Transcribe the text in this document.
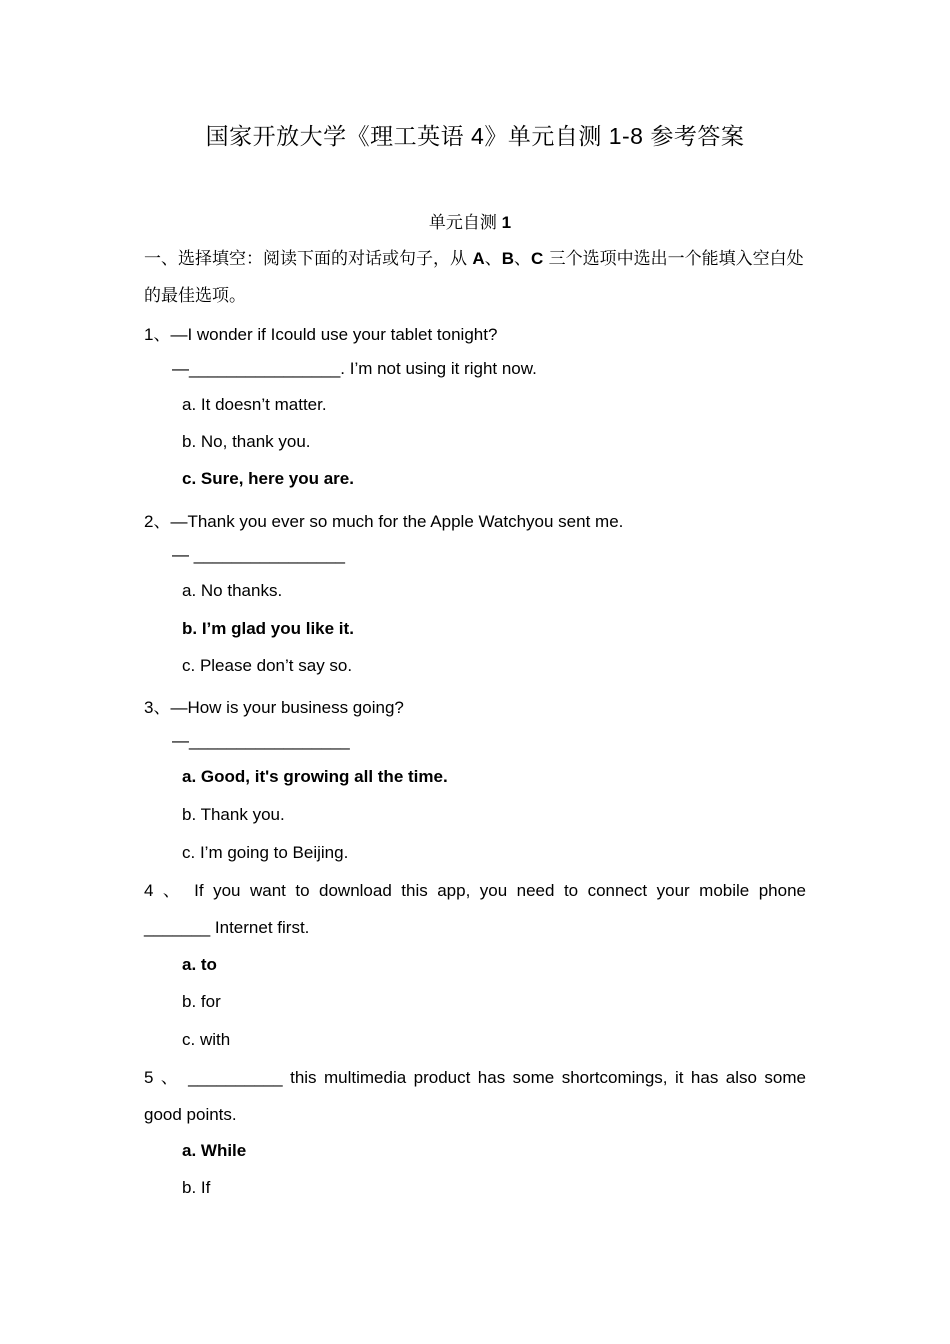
国家开放大学《理工英语 4》单元自测 1-8 参考答案
单元自测 1
一、选择填空：阅读下面的对话或句子，从 A、B、C 三个选项中选出一个能填入空白处的最佳选项。
1、—I wonder if Icould use your tablet tonight?
—________________. I’m not using it right now.
a. It doesn’t matter.
b. No, thank you.
c. Sure, here you are.
2、—Thank you ever so much for the Apple Watchyou sent me.
— ________________
a. No thanks.
b. I’m glad you like it.
c. Please don’t say so.
3、—How is your business going?
—_________________
a. Good, it's growing all the time.
b. Thank you.
c. I’m going to Beijing.
4 、 If you want to download this app, you need to connect your mobile phone
_______ Internet first.
a. to
b. for
c. with
5 、 __________ this multimedia product has some shortcomings, it has also some
good points.
a. While
b. If
